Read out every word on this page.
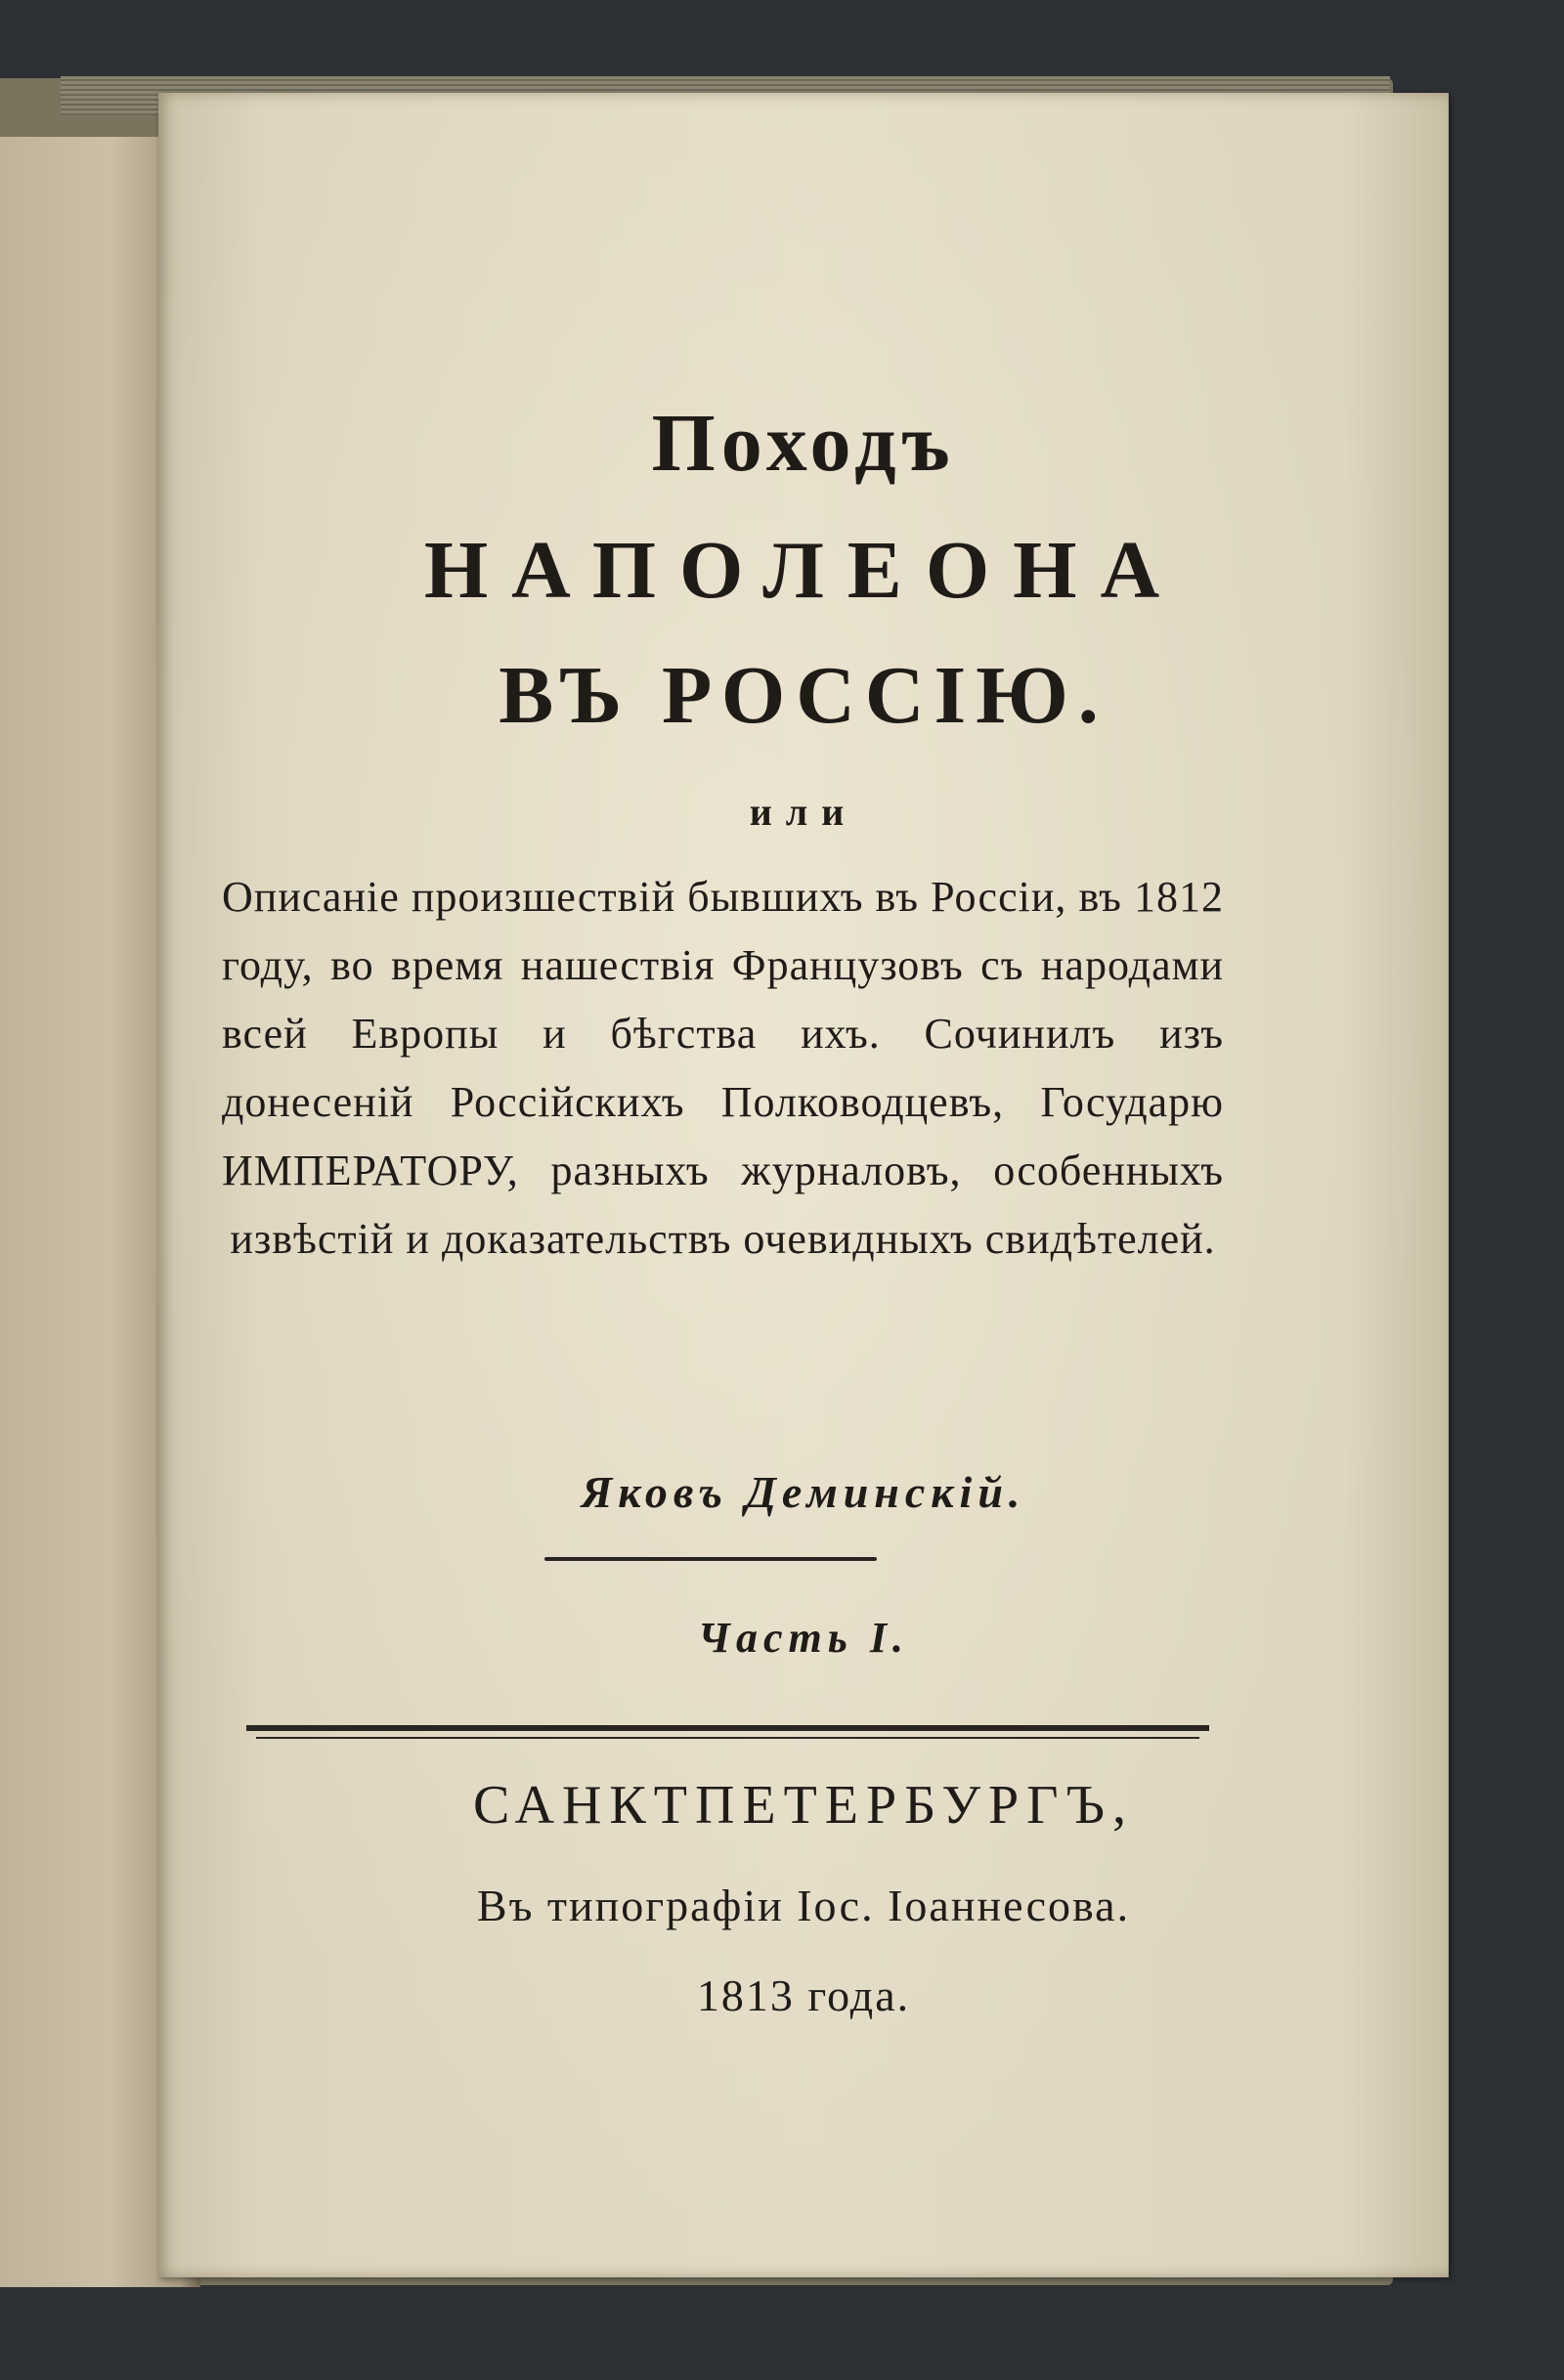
Походъ
НАПОЛЕОНА
ВЪ РОССІЮ.

или

Описаніе произшествій бывшихъ въ Россіи, въ 1812 году, во время нашествія Французовъ съ народами всей Европы и бѣгства ихъ. Сочинилъ изъ донесеній Россійскихъ Полководцевъ, Государю ИМПЕРАТОРУ, разныхъ журналовъ, особенныхъ извѣстій и доказательствъ очевидныхъ свидѣтелей.

Яковъ Деминскій.

Часть I.

САНКТПЕТЕРБУРГЪ,

Въ типографіи Іос. Іоаннесова.

1813 года.
